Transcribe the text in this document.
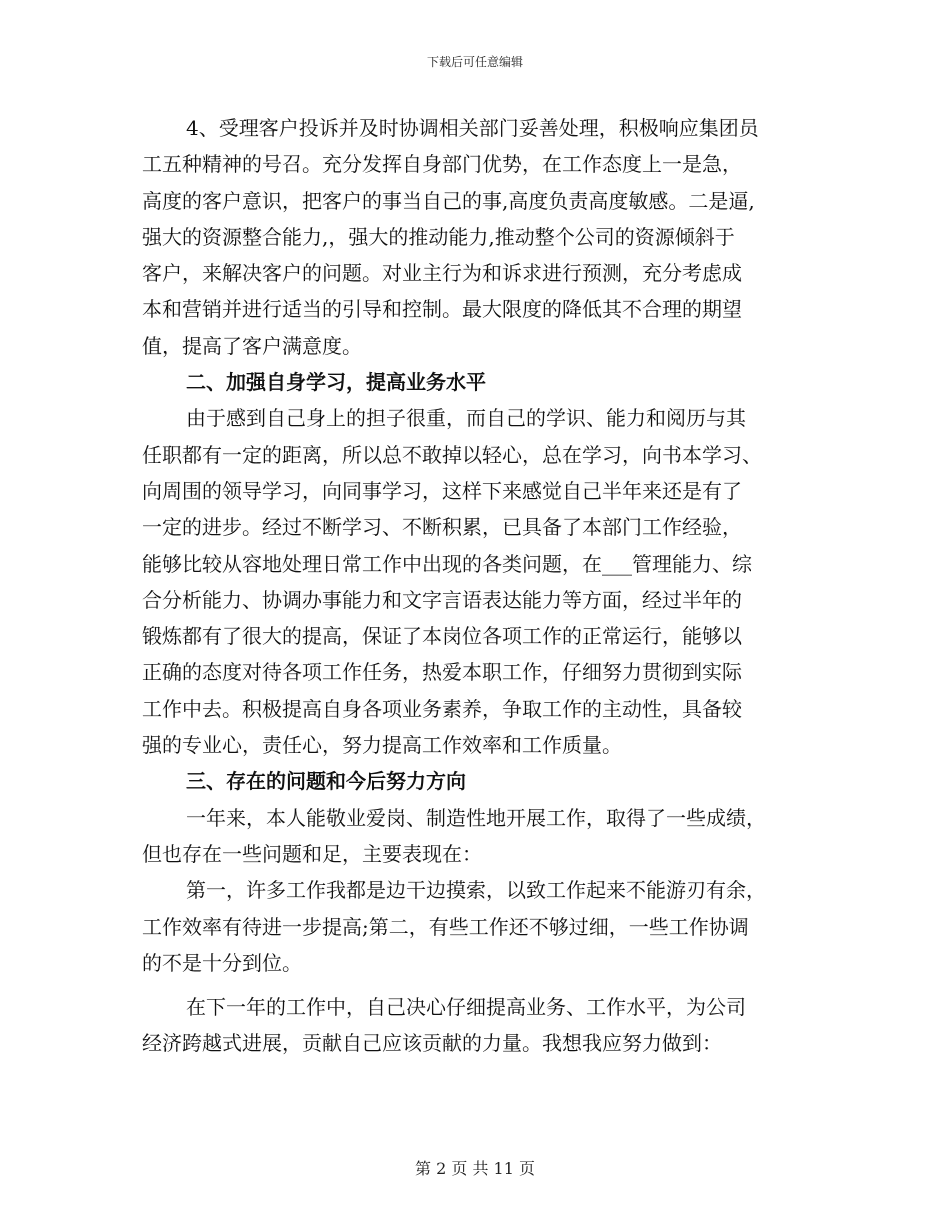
下载后可任意编辑
4、受理客户投诉并及时协调相关部门妥善处理，积极响应集团员
工五种精神的号召。充分发挥自身部门优势，在工作态度上一是急，
高度的客户意识，把客户的事当自己的事,高度负责高度敏感。二是逼,
强大的资源整合能力,，强大的推动能力,推动整个公司的资源倾斜于
客户，来解决客户的问题。对业主行为和诉求进行预测，充分考虑成
本和营销并进行适当的引导和控制。最大限度的降低其不合理的期望
值，提高了客户满意度。
二、加强自身学习，提高业务水平
由于感到自己身上的担子很重，而自己的学识、能力和阅历与其
任职都有一定的距离，所以总不敢掉以轻心，总在学习，向书本学习、
向周围的领导学习，向同事学习，这样下来感觉自己半年来还是有了
一定的进步。经过不断学习、不断积累，已具备了本部门工作经验，
能够比较从容地处理日常工作中出现的各类问题，在___管理能力、综
合分析能力、协调办事能力和文字言语表达能力等方面，经过半年的
锻炼都有了很大的提高，保证了本岗位各项工作的正常运行，能够以
正确的态度对待各项工作任务，热爱本职工作，仔细努力贯彻到实际
工作中去。积极提高自身各项业务素养，争取工作的主动性，具备较
强的专业心，责任心，努力提高工作效率和工作质量。
三、存在的问题和今后努力方向
一年来，本人能敬业爱岗、制造性地开展工作，取得了一些成绩，
但也存在一些问题和足，主要表现在：
第一，许多工作我都是边干边摸索，以致工作起来不能游刃有余，
工作效率有待进一步提高;第二，有些工作还不够过细，一些工作协调
的不是十分到位。
在下一年的工作中，自己决心仔细提高业务、工作水平，为公司
经济跨越式进展，贡献自己应该贡献的力量。我想我应努力做到：
第 2 页 共 11 页
